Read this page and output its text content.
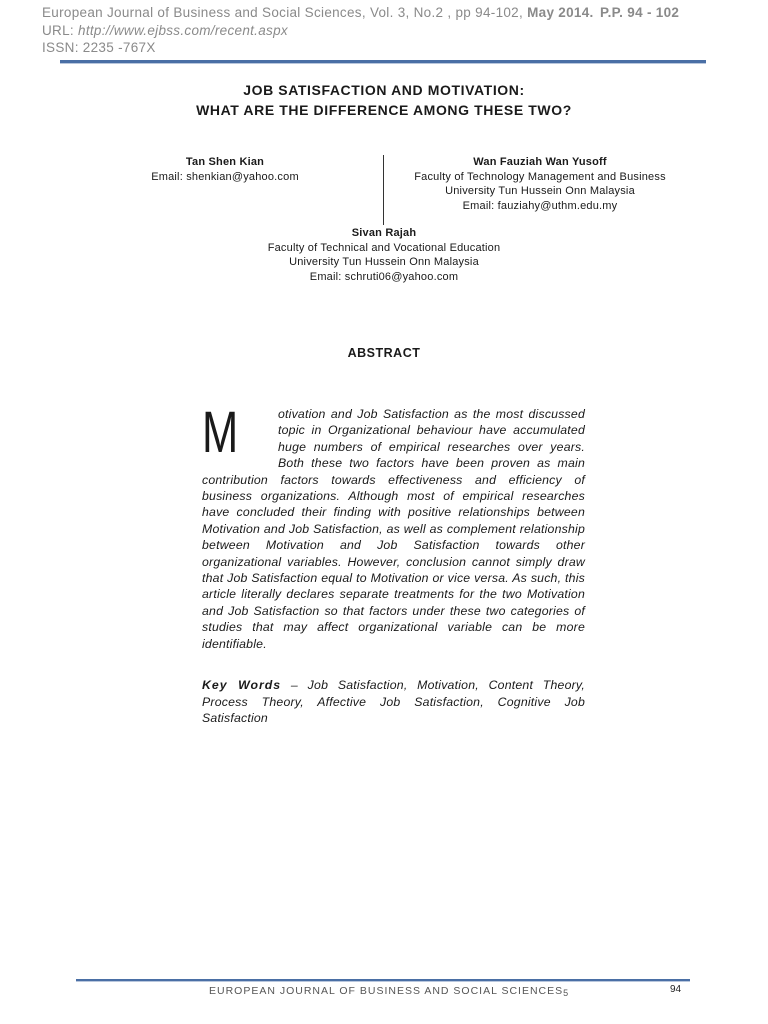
European Journal of Business and Social Sciences, Vol. 3, No.2 , pp 94-102, May 2014. P.P. 94 - 102
URL: http://www.ejbss.com/recent.aspx
ISSN: 2235 -767X
JOB SATISFACTION AND MOTIVATION:
WHAT ARE THE DIFFERENCE AMONG THESE TWO?
Tan Shen Kian
Email: shenkian@yahoo.com
Wan Fauziah Wan Yusoff
Faculty of Technology Management and Business
University Tun Hussein Onn Malaysia
Email: fauziahy@uthm.edu.my
Sivan Rajah
Faculty of Technical and Vocational Education
University Tun Hussein Onn Malaysia
Email: schruti06@yahoo.com
ABSTRACT
M	otivation and Job Satisfaction as the most discussed topic in Organizational behaviour have accumulated huge numbers of empirical researches over years. Both these two factors have been proven as main contribution factors towards effectiveness and efficiency of business organizations. Although most of empirical researches have concluded their finding with positive relationships between Motivation and Job Satisfaction, as well as complement relationship between Motivation and Job Satisfaction towards other organizational variables. However, conclusion cannot simply draw that Job Satisfaction equal to Motivation or vice versa. As such, this article literally declares separate treatments for the two Motivation and Job Satisfaction so that factors under these two categories of studies that may affect organizational variable can be more identifiable.
Key Words – Job Satisfaction, Motivation, Content Theory, Process Theory, Affective Job Satisfaction, Cognitive Job Satisfaction
EUROPEAN JOURNAL OF BUSINESS AND SOCIAL SCIENCES5	94
